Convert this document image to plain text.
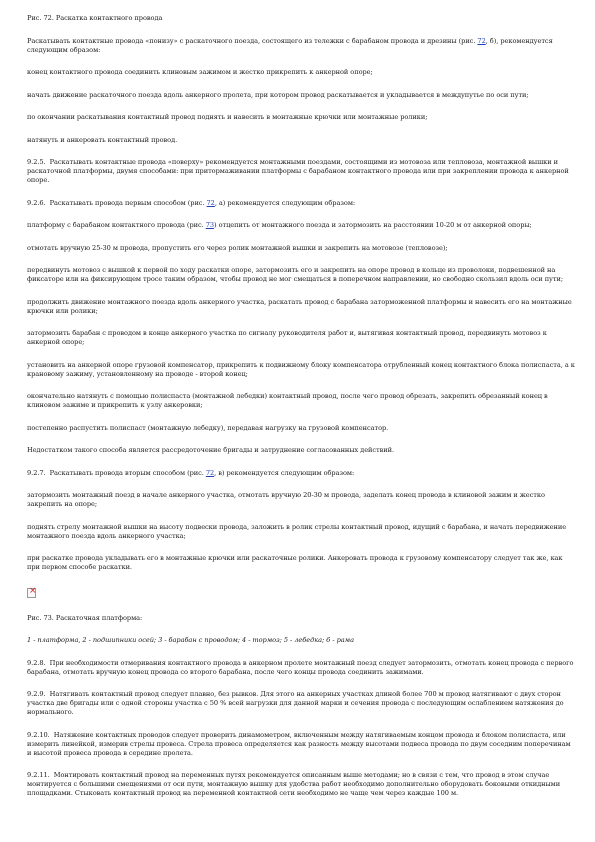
Рис. 72. Раскатка контактного провода

Раскатывать контактные провода «понизу» с раскаточного поезда, состоящего из тележки с барабаном провода и дрезины (рис. 72, б), рекомендуется следующим образом:

конец контактного провода соединить клиновым зажимом и жестко прикрепить к анкерной опоре;

начать движение раскаточного поезда вдоль анкерного пролета, при котором провод раскатывается и укладывается в междупутье по оси пути;

по окончании раскатывания контактный провод поднять и навесить в монтажные крючки или монтажные ролики;

натянуть и анкеровать контактный провод.

9.2.5. Раскатывать контактные провода «поверху» рекомендуется монтажными поездами, состоящими из мотовоза или тепловоза, монтажной вышки и раскаточной платформы, двумя способами: при притормаживании платформы с барабаном контактного провода или при закреплении провода к анкерной опоре.

9.2.6. Раскатывать провода первым способом (рис. 72, а) рекомендуется следующим образом:

платформу с барабаном контактного провода (рис. 73) отцепить от монтажного поезда и затормозить на расстоянии 10-20 м от анкерной опоры;

отмотать вручную 25-30 м провода, пропустить его через ролик монтажной вышки и закрепить на мотовозе (тепловозе);

передвинуть мотовоз с вышкой к первой по ходу раскатки опоре, затормозить его и закрепить на опоре провод в кольце из проволоки, подвешенной на фиксаторе или на фиксирующем тросе таким образом, чтобы провод не мог смещаться в поперечном направлении, но свободно скользил вдоль оси пути;

продолжить движение монтажного поезда вдоль анкерного участка, раскатать провод с барабана заторможенной платформы и навесить его на монтажные крючки или ролики;

затормозить барабан с проводом в конце анкерного участка по сигналу руководителя работ и, вытягивая контактный провод, передвинуть мотовоз к анкерной опоре;

установить на анкерной опоре грузовой компенсатор, прикрепить к подвижному блоку компенсатора отрубленный конец контактного блока полиспаста, а к крановому зажиму, установленному на проводе - второй конец;

окончательно натянуть с помощью полиспаста (монтажной лебедки) контактный провод, после чего провод обрезать, закрепить обрезанный конец в клиновом зажиме и прикрепить к узлу анкеровки;

постепенно распустить полиспаст (монтажную лебедку), передавая нагрузку на грузовой компенсатор.

Недостатком такого способа является рассредоточение бригады и затруднение согласованных действий.

9.2.7. Раскатывать провода вторым способом (рис. 72, в) рекомендуется следующим образом:

затормозить монтажный поезд в начале анкерного участка, отмотать вручную 20-30 м провода, заделать конец провода в клиновой зажим и жестко закрепить на опоре;

поднять стрелу монтажной вышки на высоту подвески провода, заложить в ролик стрелы контактный провод, идущий с барабана, и начать передвижение монтажного поезда вдоль анкерного участка;

при раскатке провода укладывать его в монтажные крючки или раскаточные ролики. Анкеровать провода к грузовому компенсатору следует так же, как при первом способе раскатки.

×

Рис. 73. Раскаточная платформа:

1 - платформа, 2 - подшипники осей; 3 - барабан с проводом; 4 - тормоз; 5 - лебедка; 6 - рама

9.2.8. При необходимости отмеривания контактного провода в анкерном пролете монтажный поезд следует затормозить, отмотать конец провода с первого барабана, отмотать вручную конец провода со второго барабана, после чего концы провода соединить зажимами.

9.2.9. Натягивать контактный провод следует плавно, без рывков. Для этого на анкерных участках длиной более 700 м провод натягивают с двух сторон участка две бригады или с одной стороны участка с 50 % всей нагрузки для данной марки и сечения провода с последующим ослаблением натяжения до нормального.

9.2.10. Натяжение контактных проводов следует проверить динамометром, включенным между натягиваемым концом провода и блоком полиспаста, или измерить линейкой, измерив стрелы провеса. Стрела провеса определяется как разность между высотами подвеса провода по двум соседним поперечинам и высотой провеса провода в середине пролета.

9.2.11. Монтировать контактный провод на переменных путях рекомендуется описанным выше методами; но в связи с тем, что провод в этом случае монтируется с большими смещениями от оси пути, монтажную вышку для удобства работ необходимо дополнительно оборудовать боковыми откидными площадками. Стыковать контактный провод на переменной контактной сети необходимо не чаще чем через каждые 100 м.
